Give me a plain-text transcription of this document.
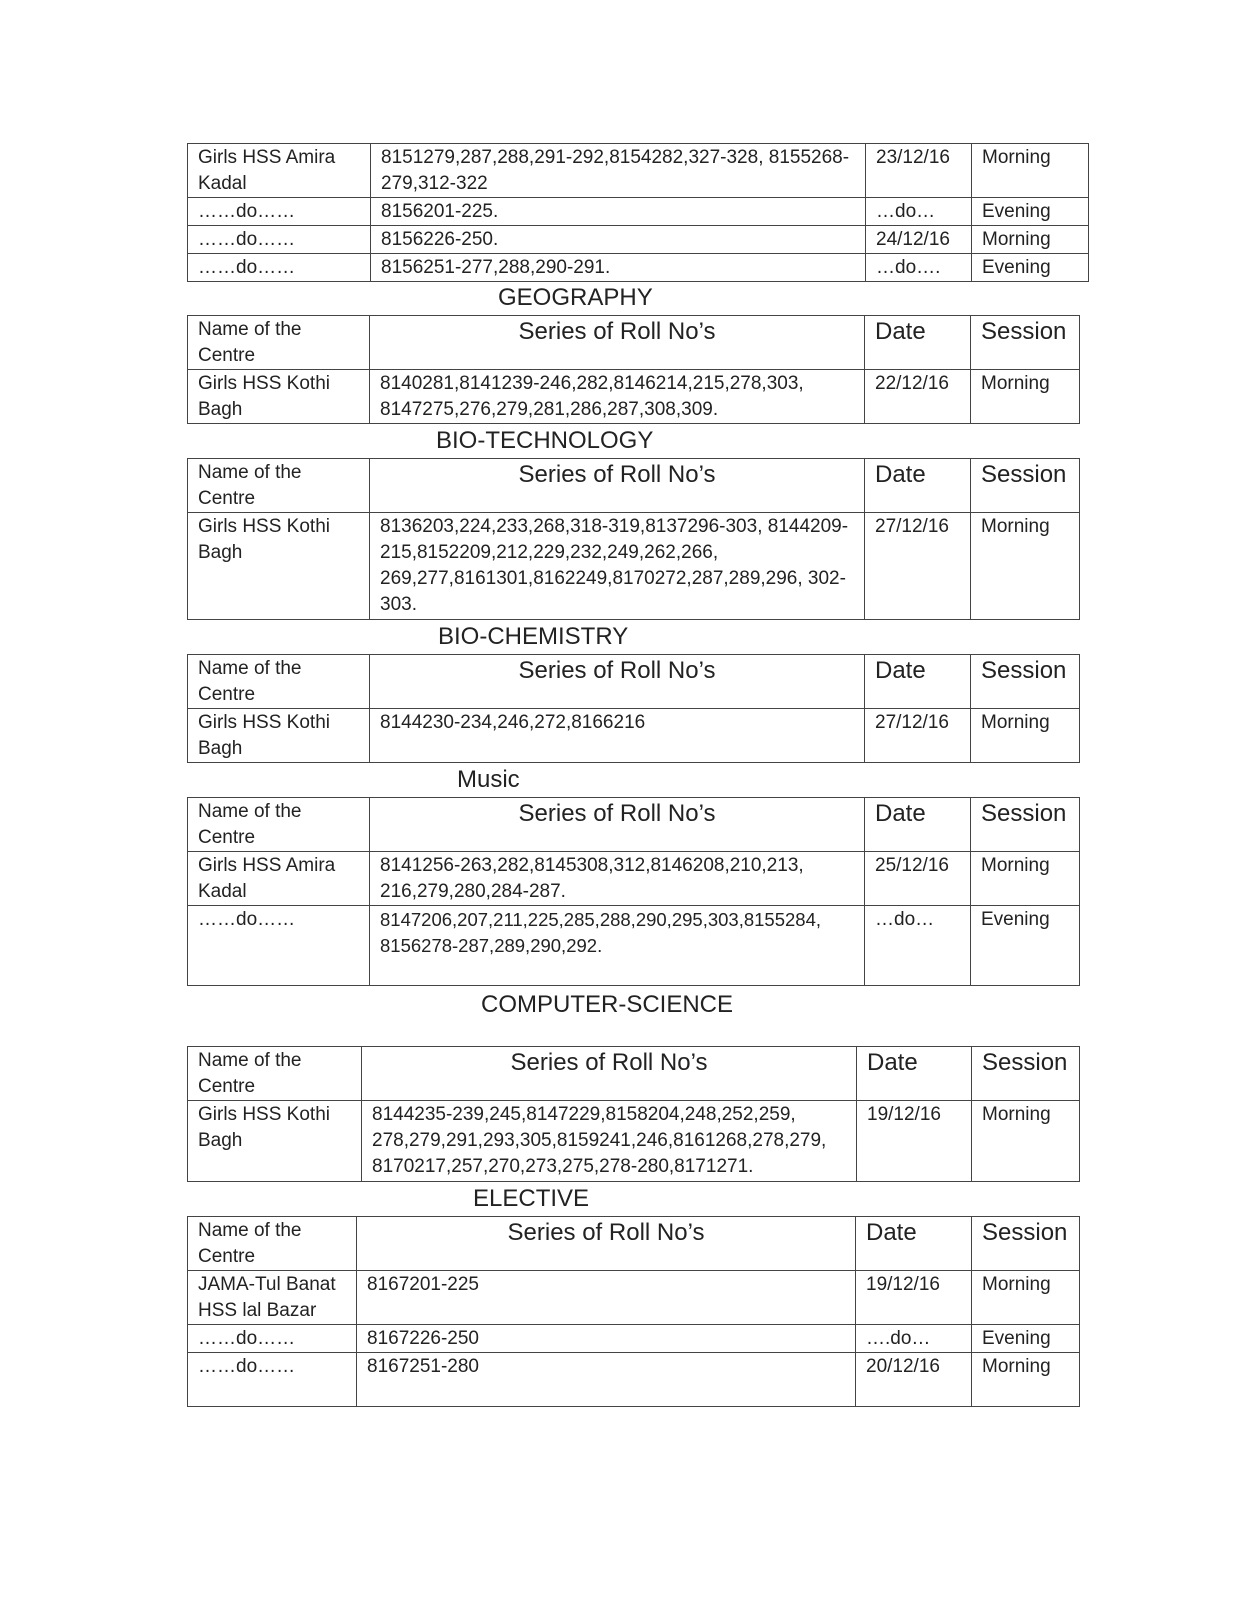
Girls HSS Amira Kadal	8151279,287,288,291-292,8154282,327-328, 8155268-279,312-322	23/12/16	Morning
……do……	8156201-225.	…do…	Evening
……do……	8156226-250.	24/12/16	Morning
……do……	8156251-277,288,290-291.	…do….	Evening
GEOGRAPHY
Name of the Centre	Series of Roll No’s	Date	Session
Girls HSS Kothi Bagh	8140281,8141239-246,282,8146214,215,278,303, 8147275,276,279,281,286,287,308,309.	22/12/16	Morning
BIO-TECHNOLOGY
Name of the Centre	Series of Roll No’s	Date	Session
Girls HSS Kothi Bagh	8136203,224,233,268,318-319,8137296-303, 8144209-215,8152209,212,229,232,249,262,266, 269,277,8161301,8162249,8170272,287,289,296, 302-303.	27/12/16	Morning
BIO-CHEMISTRY
Name of the Centre	Series of Roll No’s	Date	Session
Girls HSS Kothi Bagh	8144230-234,246,272,8166216	27/12/16	Morning
Music
Name of the Centre	Series of Roll No’s	Date	Session
Girls HSS Amira Kadal	8141256-263,282,8145308,312,8146208,210,213, 216,279,280,284-287.	25/12/16	Morning
……do……	8147206,207,211,225,285,288,290,295,303,8155284, 8156278-287,289,290,292.	…do…	Evening
COMPUTER-SCIENCE
Name of the Centre	Series of Roll No’s	Date	Session
Girls HSS Kothi Bagh	8144235-239,245,8147229,8158204,248,252,259, 278,279,291,293,305,8159241,246,8161268,278,279, 8170217,257,270,273,275,278-280,8171271.	19/12/16	Morning
ELECTIVE
Name of the Centre	Series of Roll No’s	Date	Session
JAMA-Tul Banat HSS lal Bazar	8167201-225	19/12/16	Morning
……do……	8167226-250	….do…	Evening
……do……	8167251-280	20/12/16	Morning
